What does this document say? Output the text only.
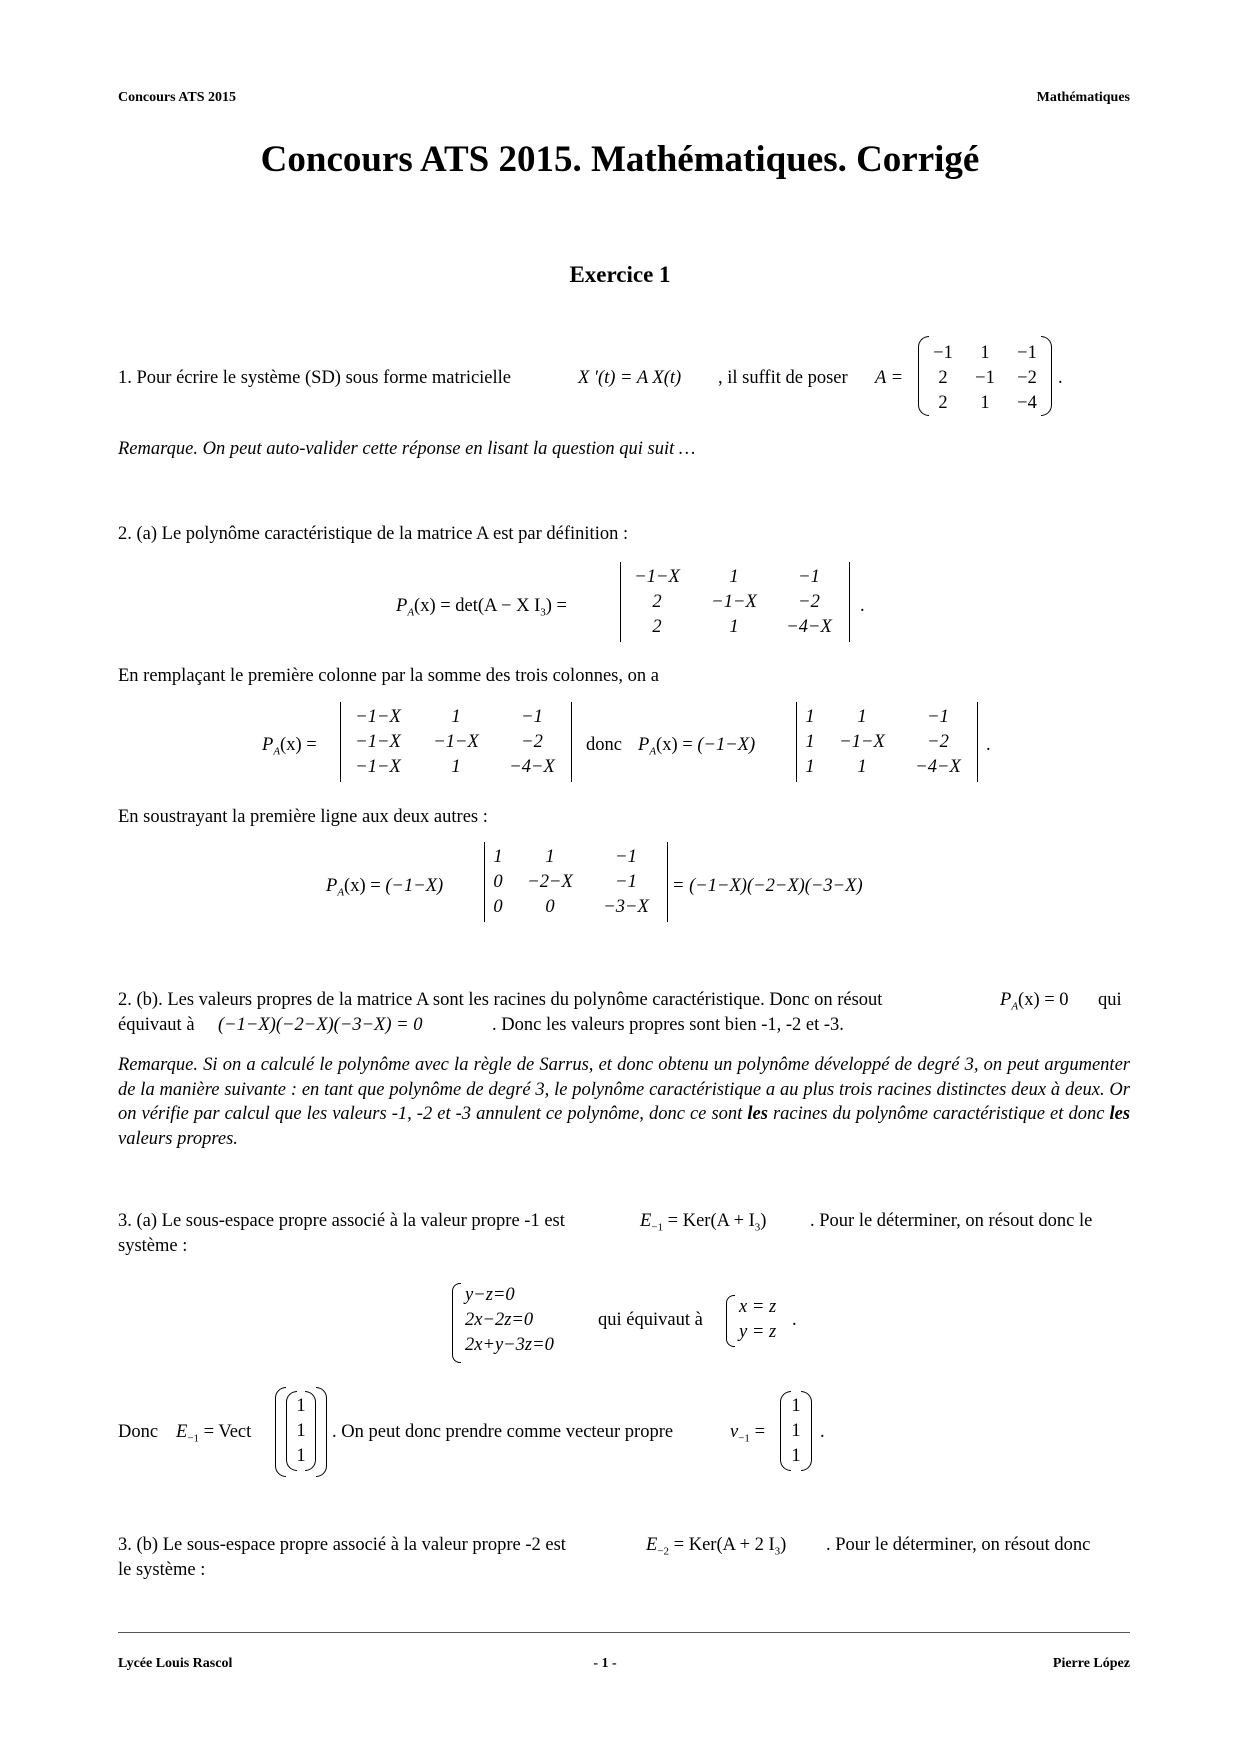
Concours ATS 2015	Mathématiques
Concours ATS 2015. Mathématiques. Corrigé
Exercice 1
1. Pour écrire le système (SD) sous forme matricielle	X ′(t) = A X(t) , il suffit de poser A =
−1	1	−1
2	−1	−2
2	1	−4
.
Remarque. On peut auto-valider cette réponse en lisant la question qui suit …
2. (a) Le polynôme caractéristique de la matrice A est par définition :
$P_A(x) = \det(A - X$ $I_3$) =
−1−X	1	−1
2	−1−X	−2
2	1	−4−X
.
En remplaçant le première colonne par la somme des trois colonnes, on a
$P_A(x)$ =
−1−X	1	−1
−1−X	−1−X	−2
−1−X	1	−4−X
donc $P_A(x) = (-1-X)$
1	1	−1
1	−1−X	−2
1	1	−4−X
.
En soustrayant la première ligne aux deux autres :
$P_A(x) = (-1-X)$
1	1	−1
0	−2−X	−1
0	0	−3−X
= (−1−X)(−2−X)(−3−X)
2. (b). Les valeurs propres de la matrice A sont les racines du polynôme caractéristique. Donc on résout	$P_A(x) = 0$ qui
équivaut à (−1−X)(−2−X)(−3−X) = 0	. Donc les valeurs propres sont bien -1, -2 et -3.
Remarque. Si on a calculé le polynôme avec la règle de Sarrus, et donc obtenu un polynôme développé de degré 3, on peut argumenter de la manière suivante : en tant que polynôme de degré 3, le polynôme caractéristique a au plus trois racines distinctes deux à deux. Or on vérifie par calcul que les valeurs -1, -2 et -3 annulent ce polynôme, donc ce sont les racines du polynôme caractéristique et donc les valeurs propres.
3. (a) Le sous-espace propre associé à la valeur propre -1 est	$E_{-1} = Ker(A + I_3)$ . Pour le déterminer, on résout donc le
système :
y−z=0
2x−2z=0
2x+y−3z=0
qui équivaut à
x = z
y = z
.
Donc $E_{-1}$ = Vect
1
1
1
. On peut donc prendre comme vecteur propre	$v_{-1}$ =
1
1
1
.
3. (b) Le sous-espace propre associé à la valeur propre -2 est	$E_{-2} = Ker(A + 2$ $I_3$) . Pour le déterminer, on résout donc
le système :
Lycée Louis Rascol	- 1 -	Pierre López
